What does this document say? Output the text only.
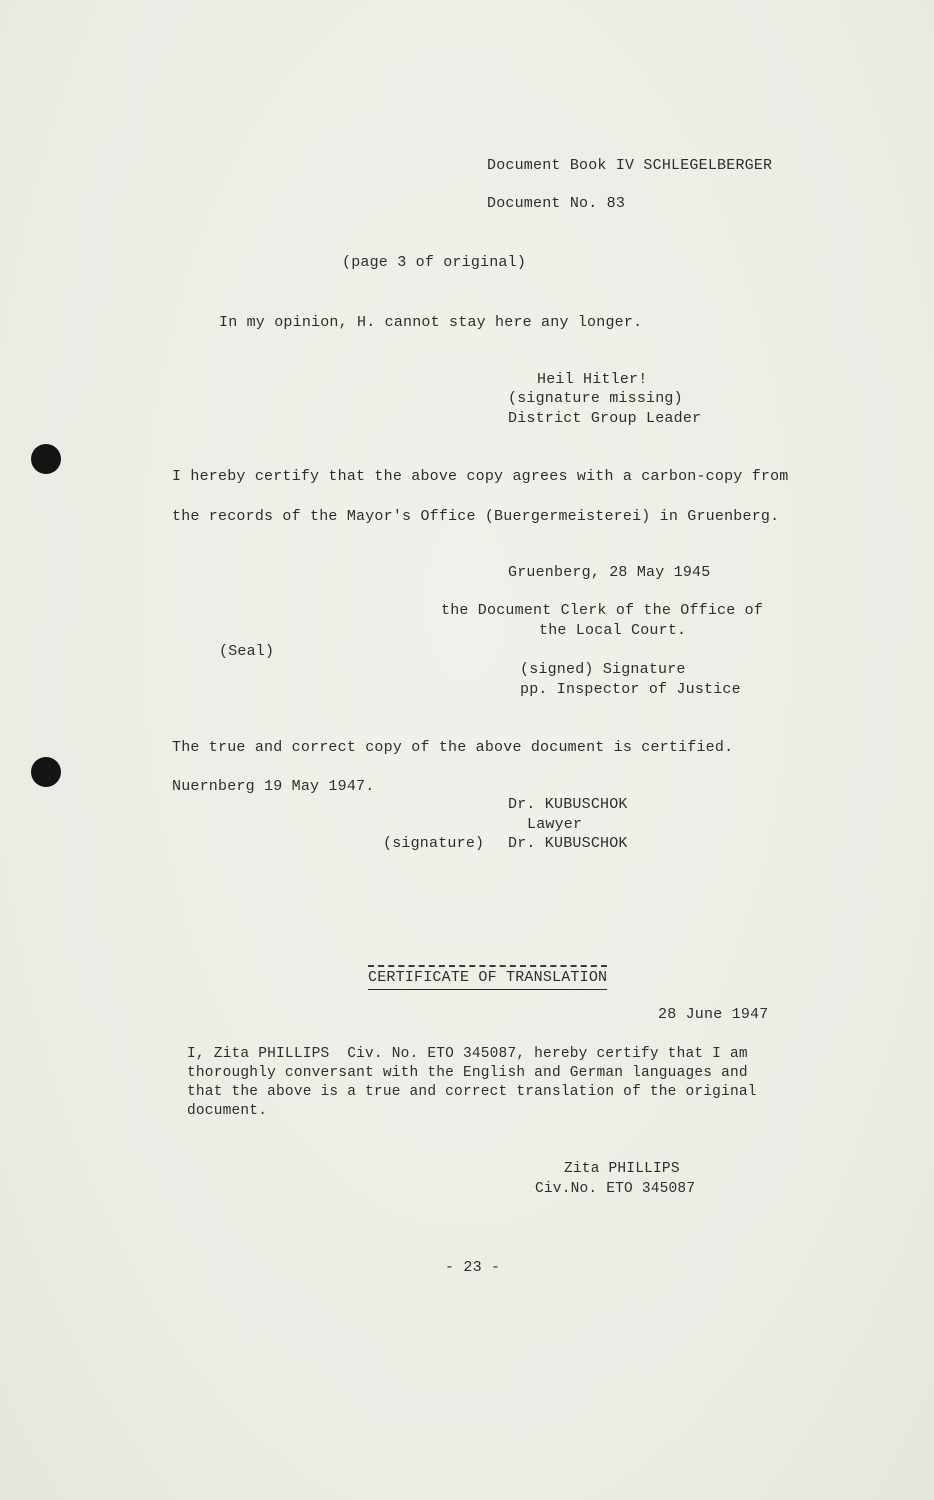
Document Book IV SCHLEGELBERGER
Document No. 83
(page 3 of original)
In my opinion, H. cannot stay here any longer.
Heil Hitler!
(signature missing)
District Group Leader
I hereby certify that the above copy agrees with a carbon-copy from
the records of the Mayor's Office (Buergermeisterei) in Gruenberg.
Gruenberg, 28 May 1945
the Document Clerk of the Office of
the Local Court.
(Seal)
(signed) Signature
pp. Inspector of Justice
The true and correct copy of the above document is certified.
Nuernberg 19 May 1947.
Dr. KUBUSCHOK
Lawyer
(signature) Dr. KUBUSCHOK
CERTIFICATE OF TRANSLATION
28 June 1947
I, Zita PHILLIPS  Civ. No. ETO 345087, hereby certify that I am
thoroughly conversant with the English and German languages and
that the above is a true and correct translation of the original
document.
Zita PHILLIPS
Civ.No. ETO 345087
- 23 -
